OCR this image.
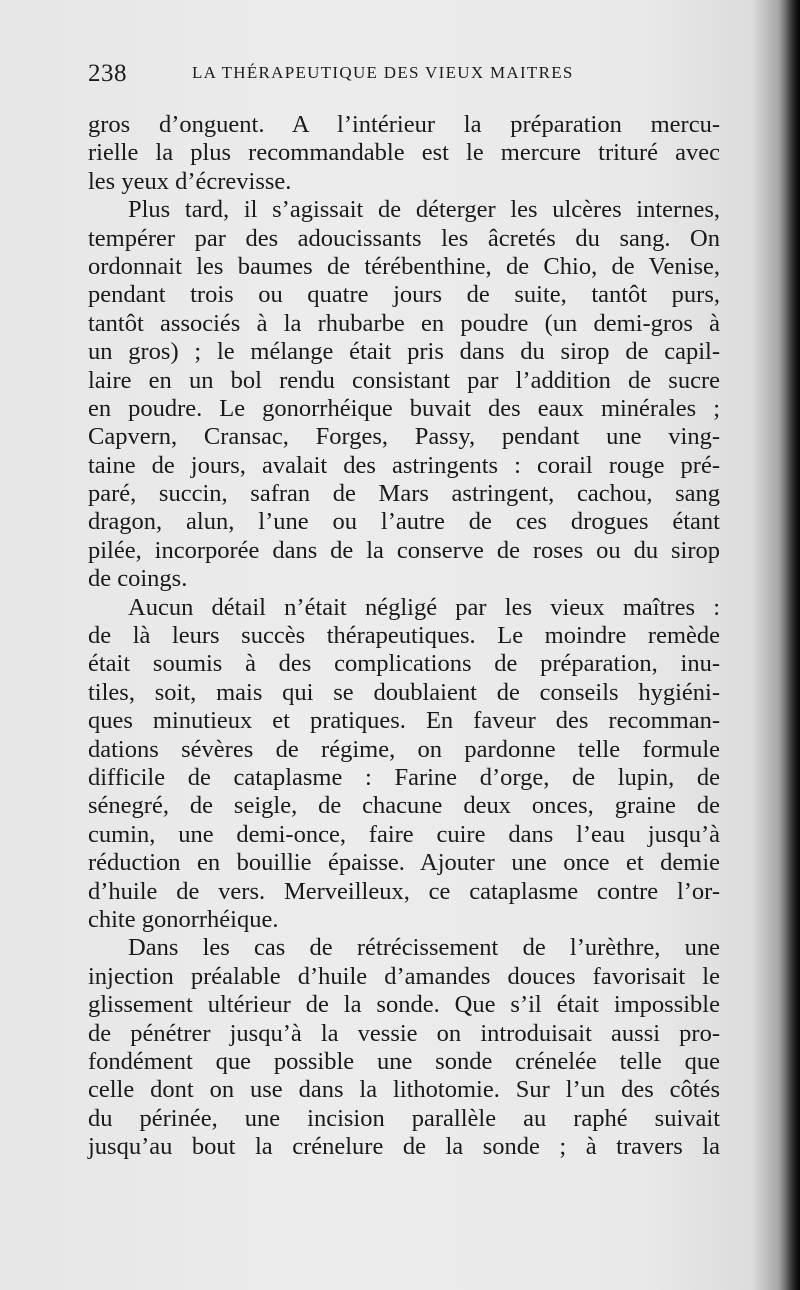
238	LA THÉRAPEUTIQUE DES VIEUX MAITRES
gros d’onguent. A l’intérieur la préparation mercu-
rielle la plus recommandable est le mercure trituré avec
les yeux d’écrevisse.
Plus tard, il s’agissait de déterger les ulcères internes,
tempérer par des adoucissants les âcretés du sang. On
ordonnait les baumes de térébenthine, de Chio, de Venise,
pendant trois ou quatre jours de suite, tantôt purs,
tantôt associés à la rhubarbe en poudre (un demi-gros à
un gros) ; le mélange était pris dans du sirop de capil-
laire en un bol rendu consistant par l’addition de sucre
en poudre. Le gonorrhéique buvait des eaux minérales ;
Capvern, Cransac, Forges, Passy, pendant une ving-
taine de jours, avalait des astringents : corail rouge pré-
paré, succin, safran de Mars astringent, cachou, sang
dragon, alun, l’une ou l’autre de ces drogues étant
pilée, incorporée dans de la conserve de roses ou du sirop
de coings.
Aucun détail n’était négligé par les vieux maîtres :
de là leurs succès thérapeutiques. Le moindre remède
était soumis à des complications de préparation, inu-
tiles, soit, mais qui se doublaient de conseils hygiéni-
ques minutieux et pratiques. En faveur des recomman-
dations sévères de régime, on pardonne telle formule
difficile de cataplasme : Farine d’orge, de lupin, de
sénegré, de seigle, de chacune deux onces, graine de
cumin, une demi-once, faire cuire dans l’eau jusqu’à
réduction en bouillie épaisse. Ajouter une once et demie
d’huile de vers. Merveilleux, ce cataplasme contre l’or-
chite gonorrhéique.
Dans les cas de rétrécissement de l’urèthre, une
injection préalable d’huile d’amandes douces favorisait le
glissement ultérieur de la sonde. Que s’il était impossible
de pénétrer jusqu’à la vessie on introduisait aussi pro-
fondément que possible une sonde crénelée telle que
celle dont on use dans la lithotomie. Sur l’un des côtés
du périnée, une incision parallèle au raphé suivait
jusqu’au bout la crénelure de la sonde ; à travers la
